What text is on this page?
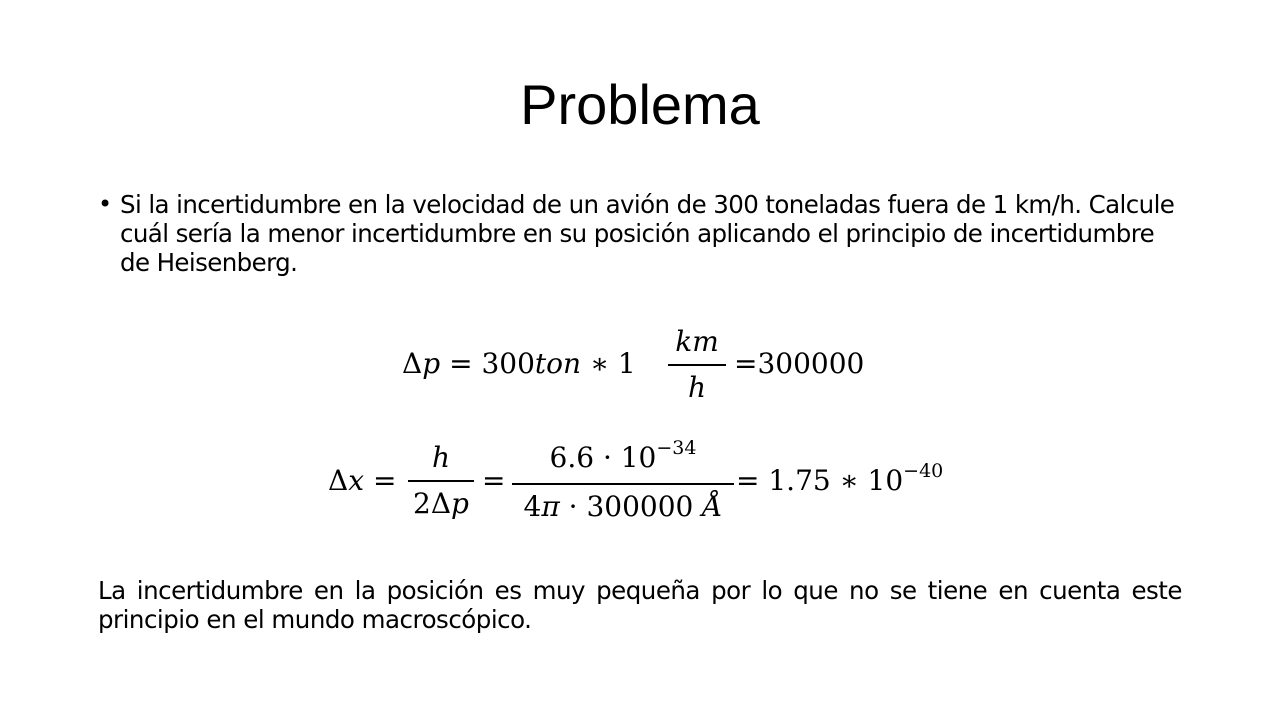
Problema
• Si la incertidumbre en la velocidad de un avión de 300 toneladas fuera de 1 km/h. Calcule cuál sería la menor incertidumbre en su posición aplicando el principio de incertidumbre de Heisenberg.
Δp = 300ton ∗ 1
km
h
=300000
Δx =
h
2Δp
=
$6.6 \cdot 10^{-34}$
4π · 300000 Å
= 1.75 ∗ $10^{-40}$
La incertidumbre en la posición es muy pequeña por lo que no se tiene en cuenta este principio en el mundo macroscópico.
